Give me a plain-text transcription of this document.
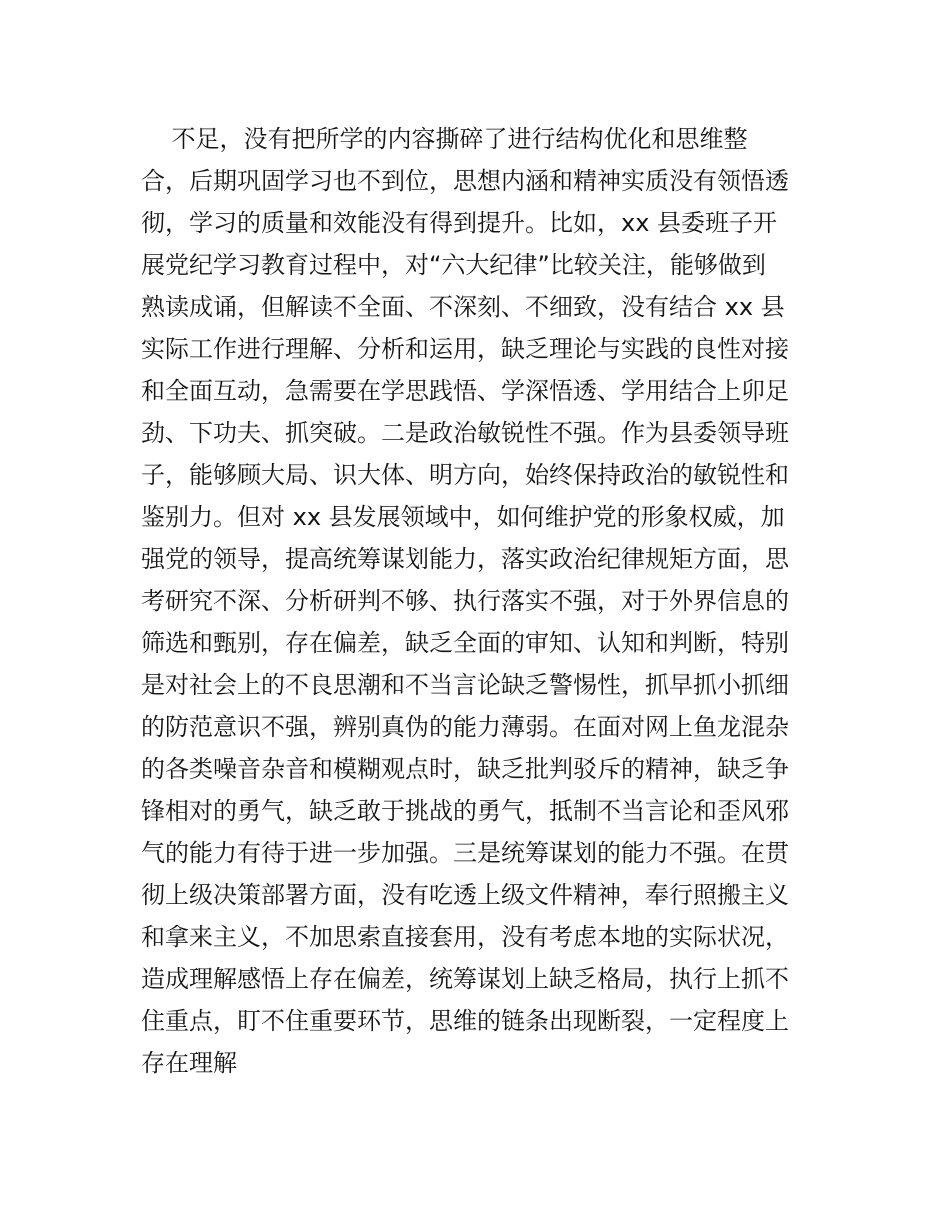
不足，没有把所学的内容撕碎了进行结构优化和思维整
合，后期巩固学习也不到位，思想内涵和精神实质没有领悟透
彻，学习的质量和效能没有得到提升。比如，xx 县委班子开
展党纪学习教育过程中，对“六大纪律”比较关注，能够做到
熟读成诵，但解读不全面、不深刻、不细致，没有结合 xx 县
实际工作进行理解、分析和运用，缺乏理论与实践的良性对接
和全面互动，急需要在学思践悟、学深悟透、学用结合上卯足
劲、下功夫、抓突破。二是政治敏锐性不强。作为县委领导班
子，能够顾大局、识大体、明方向，始终保持政治的敏锐性和
鉴别力。但对 xx 县发展领域中，如何维护党的形象权威，加
强党的领导，提高统筹谋划能力，落实政治纪律规矩方面，思
考研究不深、分析研判不够、执行落实不强，对于外界信息的
筛选和甄别，存在偏差，缺乏全面的审知、认知和判断，特别
是对社会上的不良思潮和不当言论缺乏警惕性，抓早抓小抓细
的防范意识不强，辨别真伪的能力薄弱。在面对网上鱼龙混杂
的各类噪音杂音和模糊观点时，缺乏批判驳斥的精神，缺乏争
锋相对的勇气，缺乏敢于挑战的勇气，抵制不当言论和歪风邪
气的能力有待于进一步加强。三是统筹谋划的能力不强。在贯
彻上级决策部署方面，没有吃透上级文件精神，奉行照搬主义
和拿来主义，不加思索直接套用，没有考虑本地的实际状况，
造成理解感悟上存在偏差，统筹谋划上缺乏格局，执行上抓不
住重点，盯不住重要环节，思维的链条出现断裂，一定程度上
存在理解
